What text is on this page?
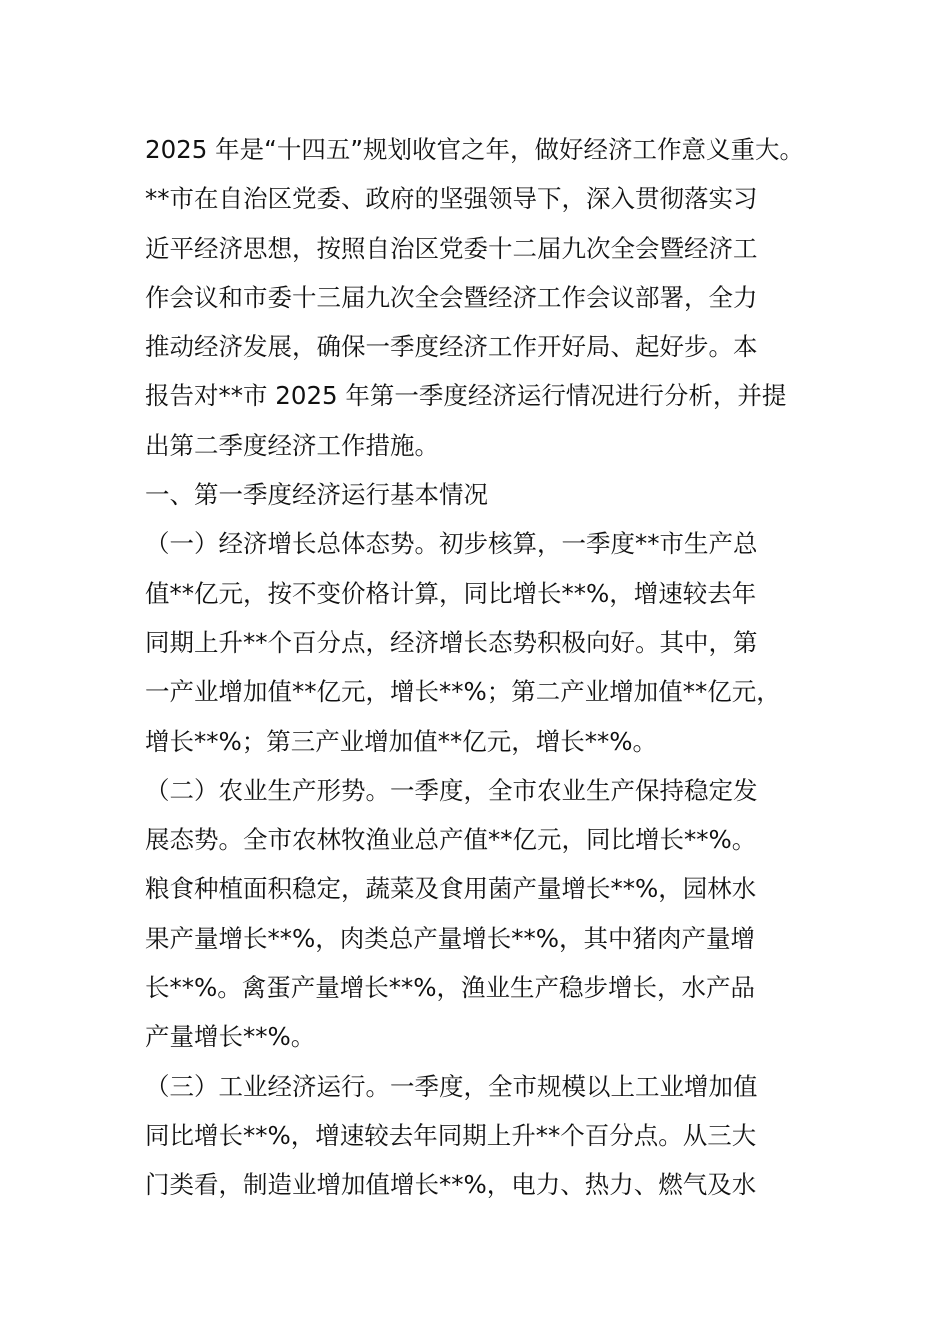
2025 年是“十四五”规划收官之年，做好经济工作意义重大。

**市在自治区党委、政府的坚强领导下，深入贯彻落实习

近平经济思想，按照自治区党委十二届九次全会暨经济工

作会议和市委十三届九次全会暨经济工作会议部署，全力

推动经济发展，确保一季度经济工作开好局、起好步。本

报告对**市 2025 年第一季度经济运行情况进行分析，并提

出第二季度经济工作措施。

一、第一季度经济运行基本情况

（一）经济增长总体态势。初步核算，一季度**市生产总

值**亿元，按不变价格计算，同比增长**%，增速较去年

同期上升**个百分点，经济增长态势积极向好。其中，第

一产业增加值**亿元，增长**%；第二产业增加值**亿元，

增长**%；第三产业增加值**亿元，增长**%。

（二）农业生产形势。一季度，全市农业生产保持稳定发

展态势。全市农林牧渔业总产值**亿元，同比增长**%。

粮食种植面积稳定，蔬菜及食用菌产量增长**%，园林水

果产量增长**%，肉类总产量增长**%，其中猪肉产量增

长**%。禽蛋产量增长**%，渔业生产稳步增长，水产品

产量增长**%。

（三）工业经济运行。一季度，全市规模以上工业增加值

同比增长**%，增速较去年同期上升**个百分点。从三大

门类看，制造业增加值增长**%，电力、热力、燃气及水
